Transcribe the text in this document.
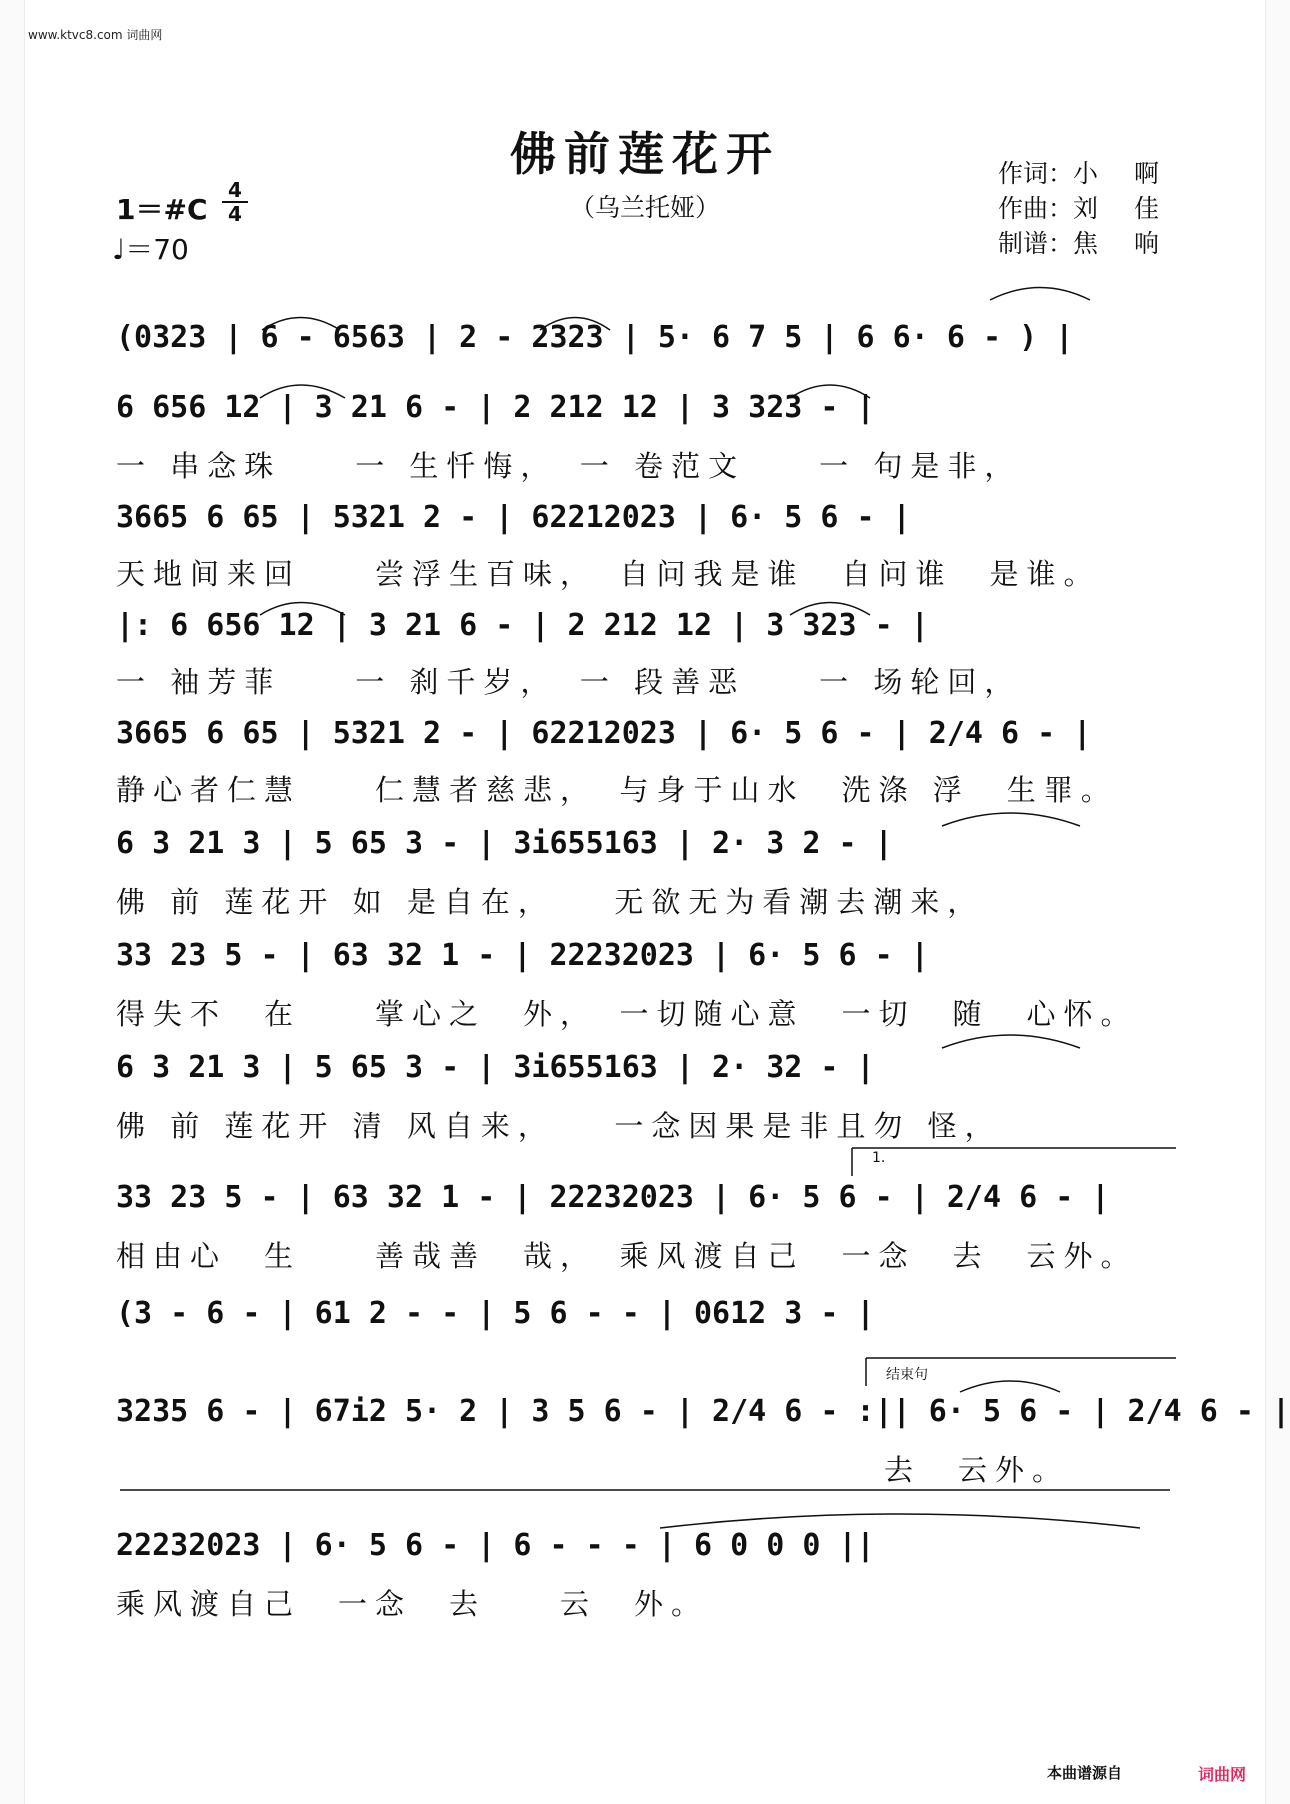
www.ktvc8.com 词曲网
佛前莲花开
（乌兰托娅）
作词：小 啊
作曲：刘 佳
制谱：焦 响
1＝#C
4
4
♩＝70
(0323 | 6 - 6563 | 2 - 2323 | 5· 6 7 5 | 6 6· 6 - ) |
6 656 12 | 3 21 6 - | 2 212 12 | 3 323 - |
一 串念珠　　一 生忏悔，　一 卷范文　　一 句是非，
3665 6 65 | 5321 2 - | 62212023 | 6· 5 6 - |
天地间来回　　尝浮生百味，　自问我是谁　自问谁　是谁。
|: 6 656 12 | 3 21 6 - | 2 212 12 | 3 323 - |
一 袖芳菲　　一 刹千岁，　一 段善恶　　一 场轮回，
3665 6 65 | 5321 2 - | 62212023 | 6· 5 6 - | 2/4 6 - |
静心者仁慧　　仁慧者慈悲，　与身于山水　洗涤 浮　生罪。
6 3 21 3 | 5 65 3 - | 3i655163 | 2· 3 2 - |
佛 前 莲花开 如 是自在，　　无欲无为看潮去潮来，
33 23 5 - | 63 32 1 - | 22232023 | 6· 5 6 - |
得失不　在　　掌心之　外，　一切随心意　一切　随　心怀。
6 3 21 3 | 5 65 3 - | 3i655163 | 2· 32 - |
佛 前 莲花开 清 风自来，　　一念因果是非且勿 怪，
1.
33 23 5 - | 63 32 1 - | 22232023 | 6· 5 6 - | 2/4 6 - |
相由心　生　　善哉善　哉，　乘风渡自己　一念　去　云外。
(3 - 6 - | 61 2 - - | 5 6 - - | 0612 3 - |
结束句
3235 6 - | 67i2 5· 2 | 3 5 6 - | 2/4 6 - :|| 6· 5 6 - | 2/4 6 - |
去　云外。
22232023 | 6· 5 6 - | 6 - - - | 6 0 0 0 ||
乘风渡自己　一念　去　　云　外。
本曲谱源自	词曲网
